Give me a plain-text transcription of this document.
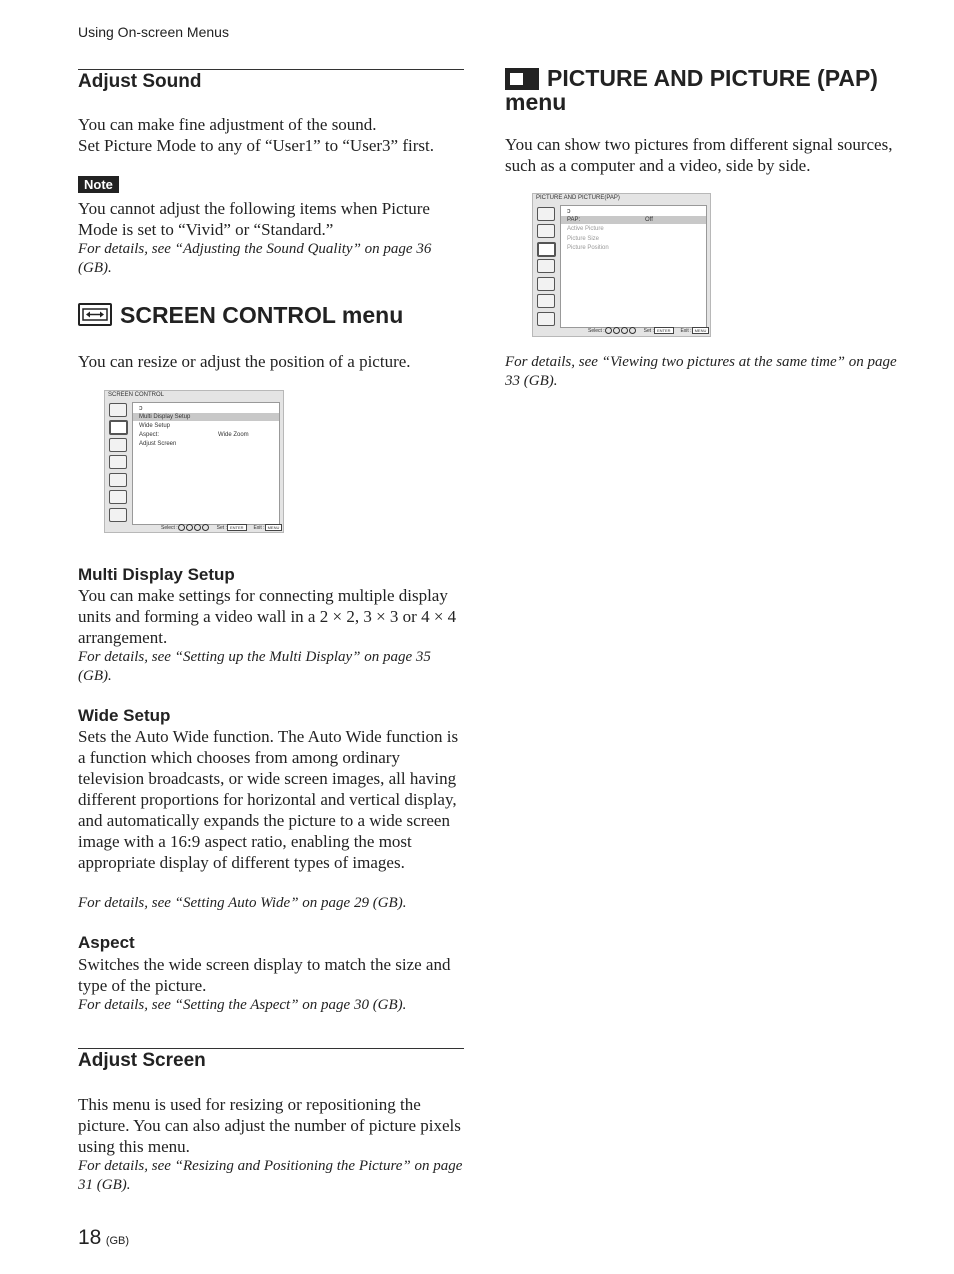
Using On-screen Menus
Adjust Sound
You can make fine adjustment of the sound.
Set Picture Mode to any of “User1” to “User3” first.
Note
You cannot adjust the following items when Picture Mode is set to “Vivid” or “Standard.”
For details, see “Adjusting the Sound Quality” on page 36 (GB).
SCREEN CONTROL menu
You can resize or adjust the position of a picture.
SCREEN CONTROL
ↄ
Multi Display Setup
Wide Setup
Aspect:	Wide Zoom
Adjust Screen
Select :	Set : ENTER Exit : MENU
Multi Display Setup
You can make settings for connecting multiple display units and forming a video wall in a 2 × 2, 3 × 3 or 4 × 4 arrangement.
For details, see “Setting up the Multi Display” on page 35 (GB).
Wide Setup
Sets the Auto Wide function. The Auto Wide function is a function which chooses from among ordinary television broadcasts, or wide screen images, all having different proportions for horizontal and vertical display, and automatically expands the picture to a wide screen image with a 16:9 aspect ratio, enabling the most appropriate display of different types of images.
For details, see “Setting Auto Wide” on page 29 (GB).
Aspect
Switches the wide screen display to match the size and type of the picture.
For details, see “Setting the Aspect” on page 30 (GB).
Adjust Screen
This menu is used for resizing or repositioning the picture. You can also adjust the number of picture pixels using this menu.
For details, see “Resizing and Positioning the Picture” on page 31 (GB).
18 (GB)
PICTURE AND PICTURE (PAP)
menu
You can show two pictures from different signal sources, such as a computer and a video, side by side.
PICTURE AND PICTURE(PAP)
ↄ
PAP:	Off
Active Picture
Picture Size
Picture Position
Select :	Set : ENTER Exit : MENU
For details, see “Viewing two pictures at the same time” on page 33 (GB).
